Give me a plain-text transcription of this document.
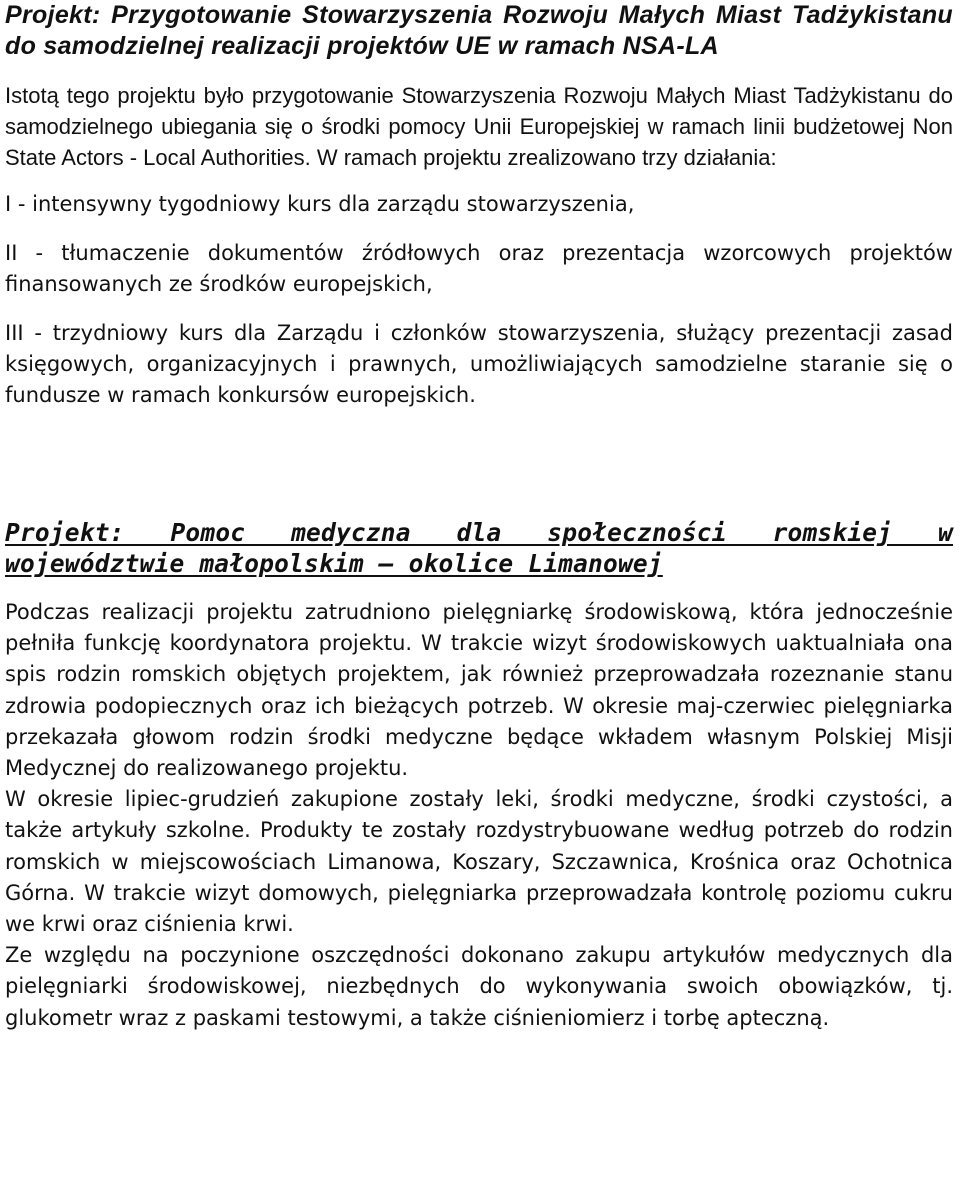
Projekt: Przygotowanie Stowarzyszenia Rozwoju Małych Miast Tadżykistanu do samodzielnej realizacji projektów UE w ramach NSA-LA

Istotą tego projektu było przygotowanie Stowarzyszenia Rozwoju Małych Miast Tadżykistanu do samodzielnego ubiegania się o środki pomocy Unii Europejskiej w ramach linii budżetowej Non State Actors - Local Authorities. W ramach projektu zrealizowano trzy działania:

I - intensywny tygodniowy kurs dla zarządu stowarzyszenia,

II - tłumaczenie dokumentów źródłowych oraz prezentacja wzorcowych projektów finansowanych ze środków europejskich,

III - trzydniowy kurs dla Zarządu i członków stowarzyszenia, służący prezentacji zasad księgowych, organizacyjnych i prawnych, umożliwiających samodzielne staranie się o fundusze w ramach konkursów europejskich.

Projekt: Pomoc medyczna dla społeczności romskiej w województwie małopolskim – okolice Limanowej

Podczas realizacji projektu zatrudniono pielęgniarkę środowiskową, która jednocześnie pełniła funkcję koordynatora projektu. W trakcie wizyt środowiskowych uaktualniała ona spis rodzin romskich objętych projektem, jak również przeprowadzała rozeznanie stanu zdrowia podopiecznych oraz ich bieżących potrzeb. W okresie maj-czerwiec pielęgniarka przekazała głowom rodzin środki medyczne będące wkładem własnym Polskiej Misji Medycznej do realizowanego projektu.

W okresie lipiec-grudzień zakupione zostały leki, środki medyczne, środki czystości, a także artykuły szkolne. Produkty te zostały rozdystrybuowane według potrzeb do rodzin romskich w miejscowościach Limanowa, Koszary, Szczawnica, Krośnica oraz Ochotnica Górna. W trakcie wizyt domowych, pielęgniarka przeprowadzała kontrolę poziomu cukru we krwi oraz ciśnienia krwi.

Ze względu na poczynione oszczędności dokonano zakupu artykułów medycznych dla pielęgniarki środowiskowej, niezbędnych do wykonywania swoich obowiązków, tj. glukometr wraz z paskami testowymi, a także ciśnieniomierz i torbę apteczną.
